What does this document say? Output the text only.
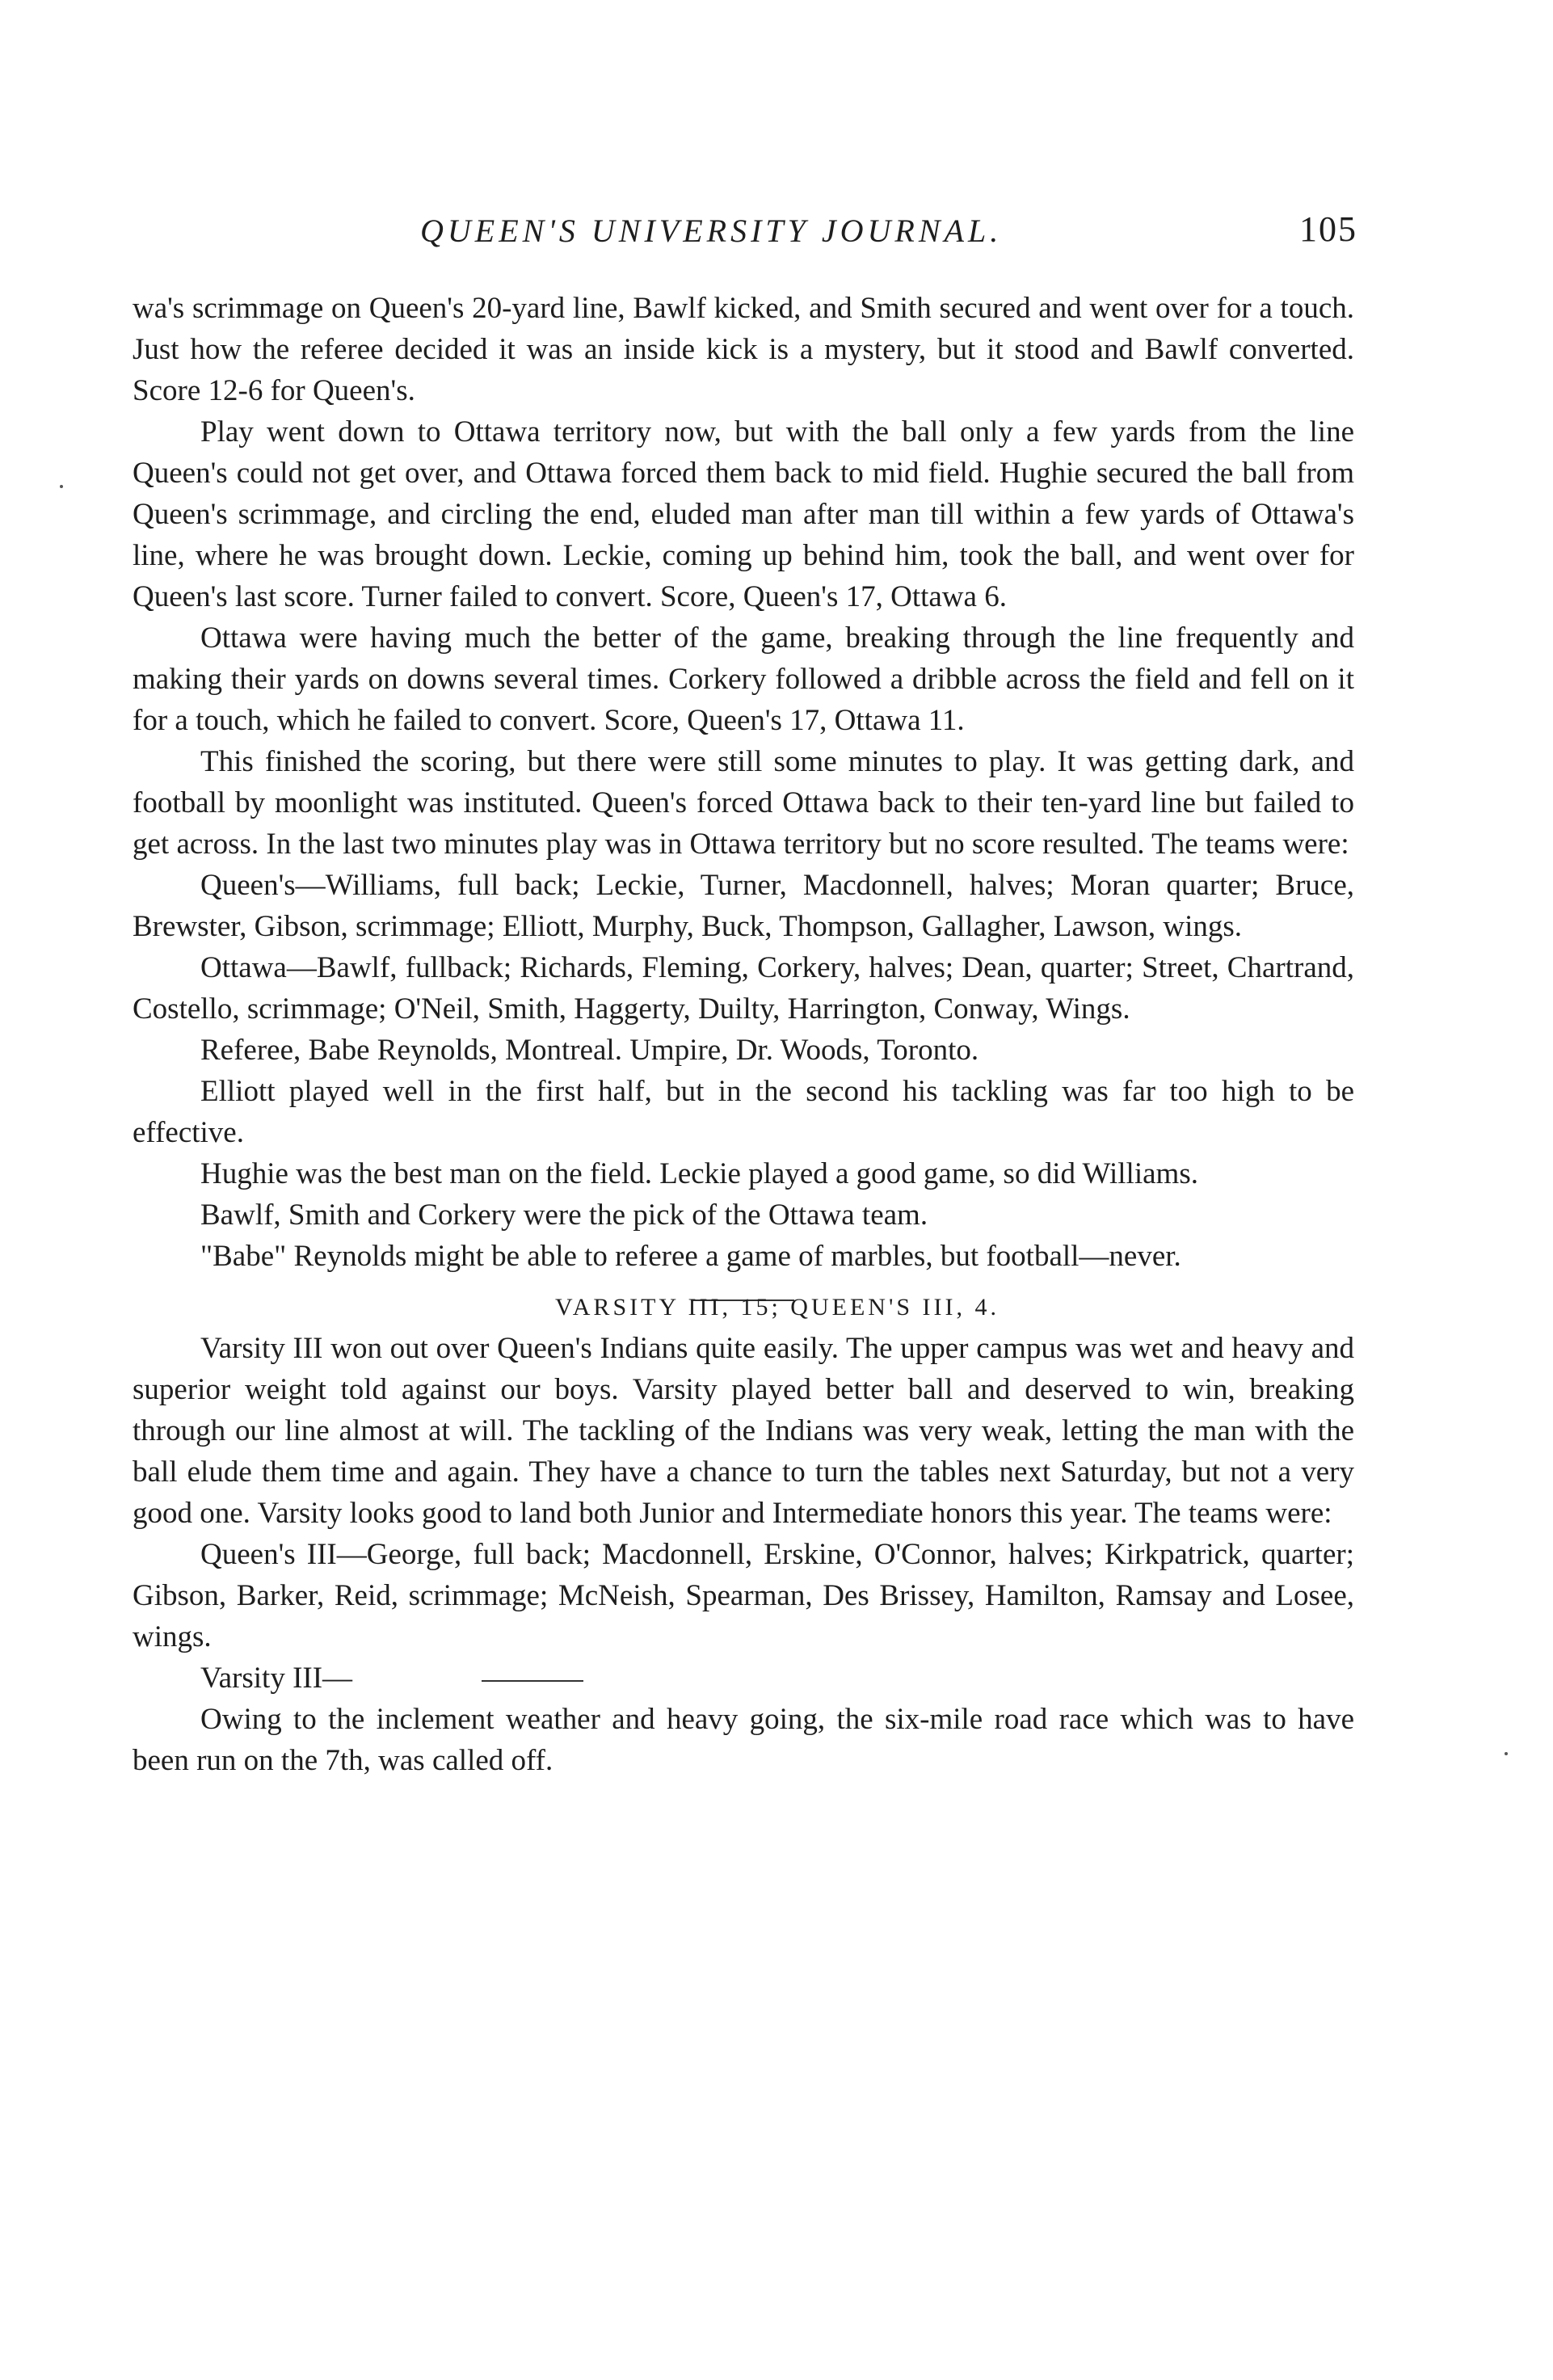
QUEEN'S UNIVERSITY JOURNAL.	105

wa's scrimmage on Queen's 20-yard line, Bawlf kicked, and Smith secured and went over for a touch. Just how the referee decided it was an inside kick is a mystery, but it stood and Bawlf converted. Score 12-6 for Queen's.

Play went down to Ottawa territory now, but with the ball only a few yards from the line Queen's could not get over, and Ottawa forced them back to mid field. Hughie secured the ball from Queen's scrimmage, and circling the end, eluded man after man till within a few yards of Ottawa's line, where he was brought down. Leckie, coming up behind him, took the ball, and went over for Queen's last score. Turner failed to convert. Score, Queen's 17, Ottawa 6.

Ottawa were having much the better of the game, breaking through the line frequently and making their yards on downs several times. Corkery followed a dribble across the field and fell on it for a touch, which he failed to convert. Score, Queen's 17, Ottawa 11.

This finished the scoring, but there were still some minutes to play. It was getting dark, and football by moonlight was instituted. Queen's forced Ottawa back to their ten-yard line but failed to get across. In the last two minutes play was in Ottawa territory but no score resulted. The teams were:

Queen's—Williams, full back; Leckie, Turner, Macdonnell, halves; Moran quarter; Bruce, Brewster, Gibson, scrimmage; Elliott, Murphy, Buck, Thompson, Gallagher, Lawson, wings.

Ottawa—Bawlf, fullback; Richards, Fleming, Corkery, halves; Dean, quarter; Street, Chartrand, Costello, scrimmage; O'Neil, Smith, Haggerty, Duilty, Harrington, Conway, Wings.

Referee, Babe Reynolds, Montreal. Umpire, Dr. Woods, Toronto.

Elliott played well in the first half, but in the second his tackling was far too high to be effective.

Hughie was the best man on the field. Leckie played a good game, so did Williams.

Bawlf, Smith and Corkery were the pick of the Ottawa team.

"Babe" Reynolds might be able to referee a game of marbles, but football—never.

VARSITY III, 15; QUEEN'S III, 4.

Varsity III won out over Queen's Indians quite easily. The upper campus was wet and heavy and superior weight told against our boys. Varsity played better ball and deserved to win, breaking through our line almost at will. The tackling of the Indians was very weak, letting the man with the ball elude them time and again. They have a chance to turn the tables next Saturday, but not a very good one. Varsity looks good to land both Junior and Intermediate honors this year. The teams were:

Queen's III—George, full back; Macdonnell, Erskine, O'Connor, halves; Kirkpatrick, quarter; Gibson, Barker, Reid, scrimmage; McNeish, Spearman, Des Brissey, Hamilton, Ramsay and Losee, wings.

Varsity III—

Owing to the inclement weather and heavy going, the six-mile road race which was to have been run on the 7th, was called off.
